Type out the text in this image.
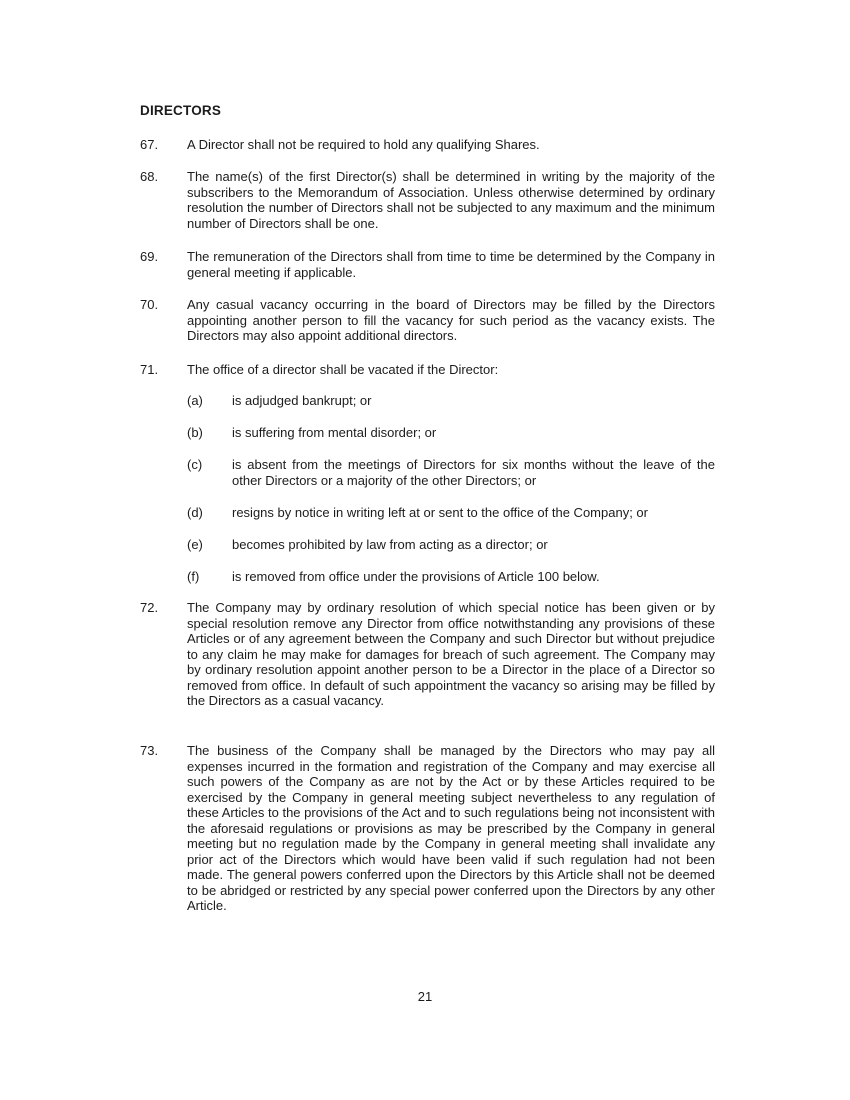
DIRECTORS
67.	A Director shall not be required to hold any qualifying Shares.
68.	The name(s) of the first Director(s) shall be determined in writing by the majority of the subscribers to the Memorandum of Association. Unless otherwise determined by ordinary resolution the number of Directors shall not be subjected to any maximum and the minimum number of Directors shall be one.
69.	The remuneration of the Directors shall from time to time be determined by the Company in general meeting if applicable.
70.	Any casual vacancy occurring in the board of Directors may be filled by the Directors appointing another person to fill the vacancy for such period as the vacancy exists. The Directors may also appoint additional directors.
71.	The office of a director shall be vacated if the Director:
(a)	is adjudged bankrupt; or
(b)	is suffering from mental disorder; or
(c)	is absent from the meetings of Directors for six months without the leave of the other Directors or a majority of the other Directors; or
(d)	resigns by notice in writing left at or sent to the office of the Company; or
(e)	becomes prohibited by law from acting as a director; or
(f)	is removed from office under the provisions of Article 100 below.
72.	The Company may by ordinary resolution of which special notice has been given or by special resolution remove any Director from office notwithstanding any provisions of these Articles or of any agreement between the Company and such Director but without prejudice to any claim he may make for damages for breach of such agreement. The Company may by ordinary resolution appoint another person to be a Director in the place of a Director so removed from office. In default of such appointment the vacancy so arising may be filled by the Directors as a casual vacancy.
73.	The business of the Company shall be managed by the Directors who may pay all expenses incurred in the formation and registration of the Company and may exercise all such powers of the Company as are not by the Act or by these Articles required to be exercised by the Company in general meeting subject nevertheless to any regulation of these Articles to the provisions of the Act and to such regulations being not inconsistent with the aforesaid regulations or provisions as may be prescribed by the Company in general meeting but no regulation made by the Company in general meeting shall invalidate any prior act of the Directors which would have been valid if such regulation had not been made. The general powers conferred upon the Directors by this Article shall not be deemed to be abridged or restricted by any special power conferred upon the Directors by any other Article.
21
